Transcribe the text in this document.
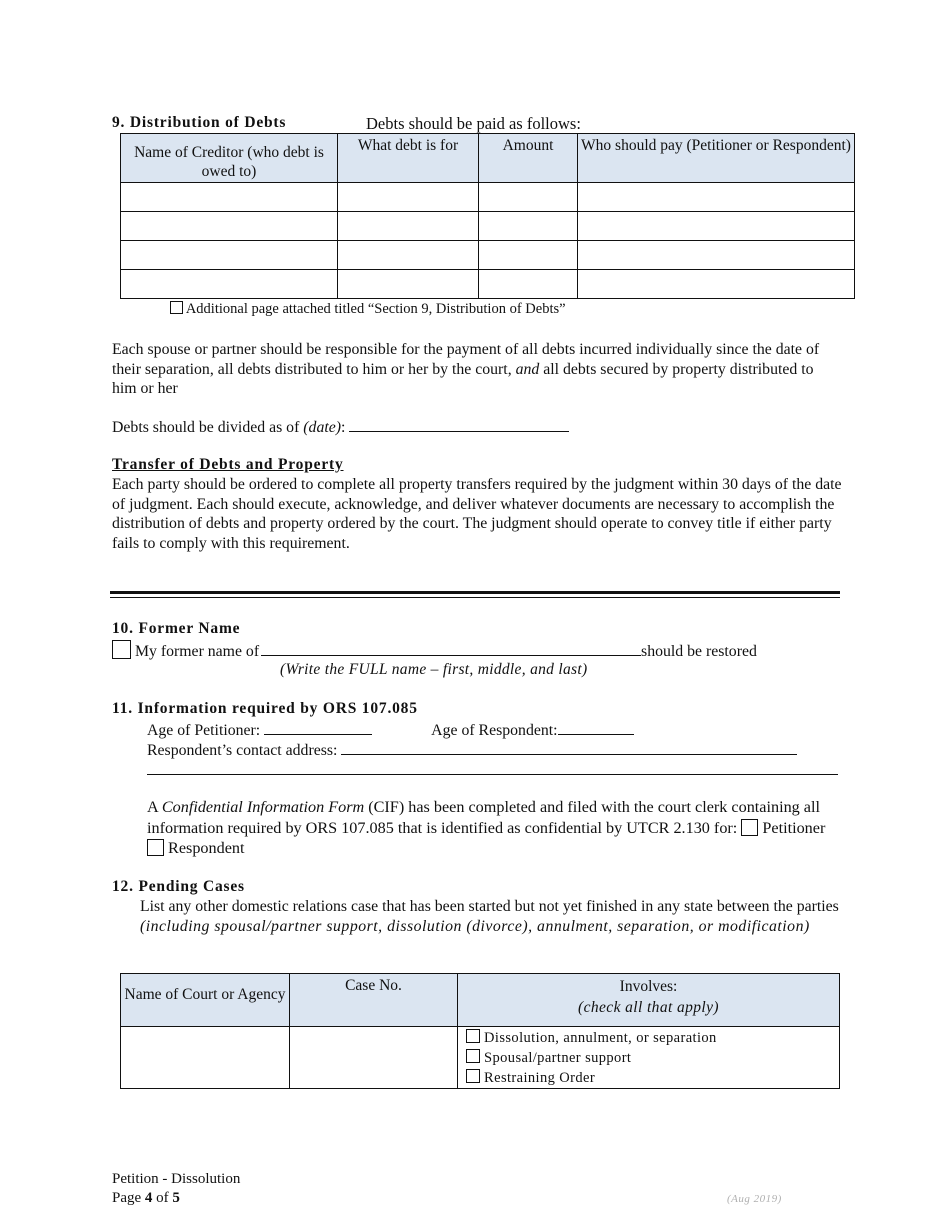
9. Distribution of Debts	Debts should be paid as follows:
Name of Creditor (who debt is owed to)	What debt is for	Amount	Who should pay (Petitioner or Respondent)

Additional page attached titled “Section 9, Distribution of Debts”
Each spouse or partner should be responsible for the payment of all debts incurred individually since the date of their separation, all debts distributed to him or her by the court, and all debts secured by property distributed to him or her
Debts should be divided as of (date):
Transfer of Debts and Property
Each party should be ordered to complete all property transfers required by the judgment within 30 days of the date of judgment. Each should execute, acknowledge, and deliver whatever documents are necessary to accomplish the distribution of debts and property ordered by the court. The judgment should operate to convey title if either party fails to comply with this requirement.
10. Former Name
My former name of	should be restored
(Write the FULL name – first, middle, and last)
11. Information required by ORS 107.085
Age of Petitioner:	Age of Respondent:
Respondent’s contact address:
A Confidential Information Form (CIF) has been completed and filed with the court clerk containing all information required by ORS 107.085 that is identified as confidential by UTCR 2.130 for: Petitioner  Respondent
12. Pending Cases
List any other domestic relations case that has been started but not yet finished in any state between the parties (including spousal/partner support, dissolution (divorce), annulment, separation, or modification)
Name of Court or Agency	Case No.	Involves:
(check all that apply)

		Dissolution, annulment, or separation
Spousal/partner support
Restraining Order
Petition - Dissolution
Page 4 of 5	(Aug 2019)
